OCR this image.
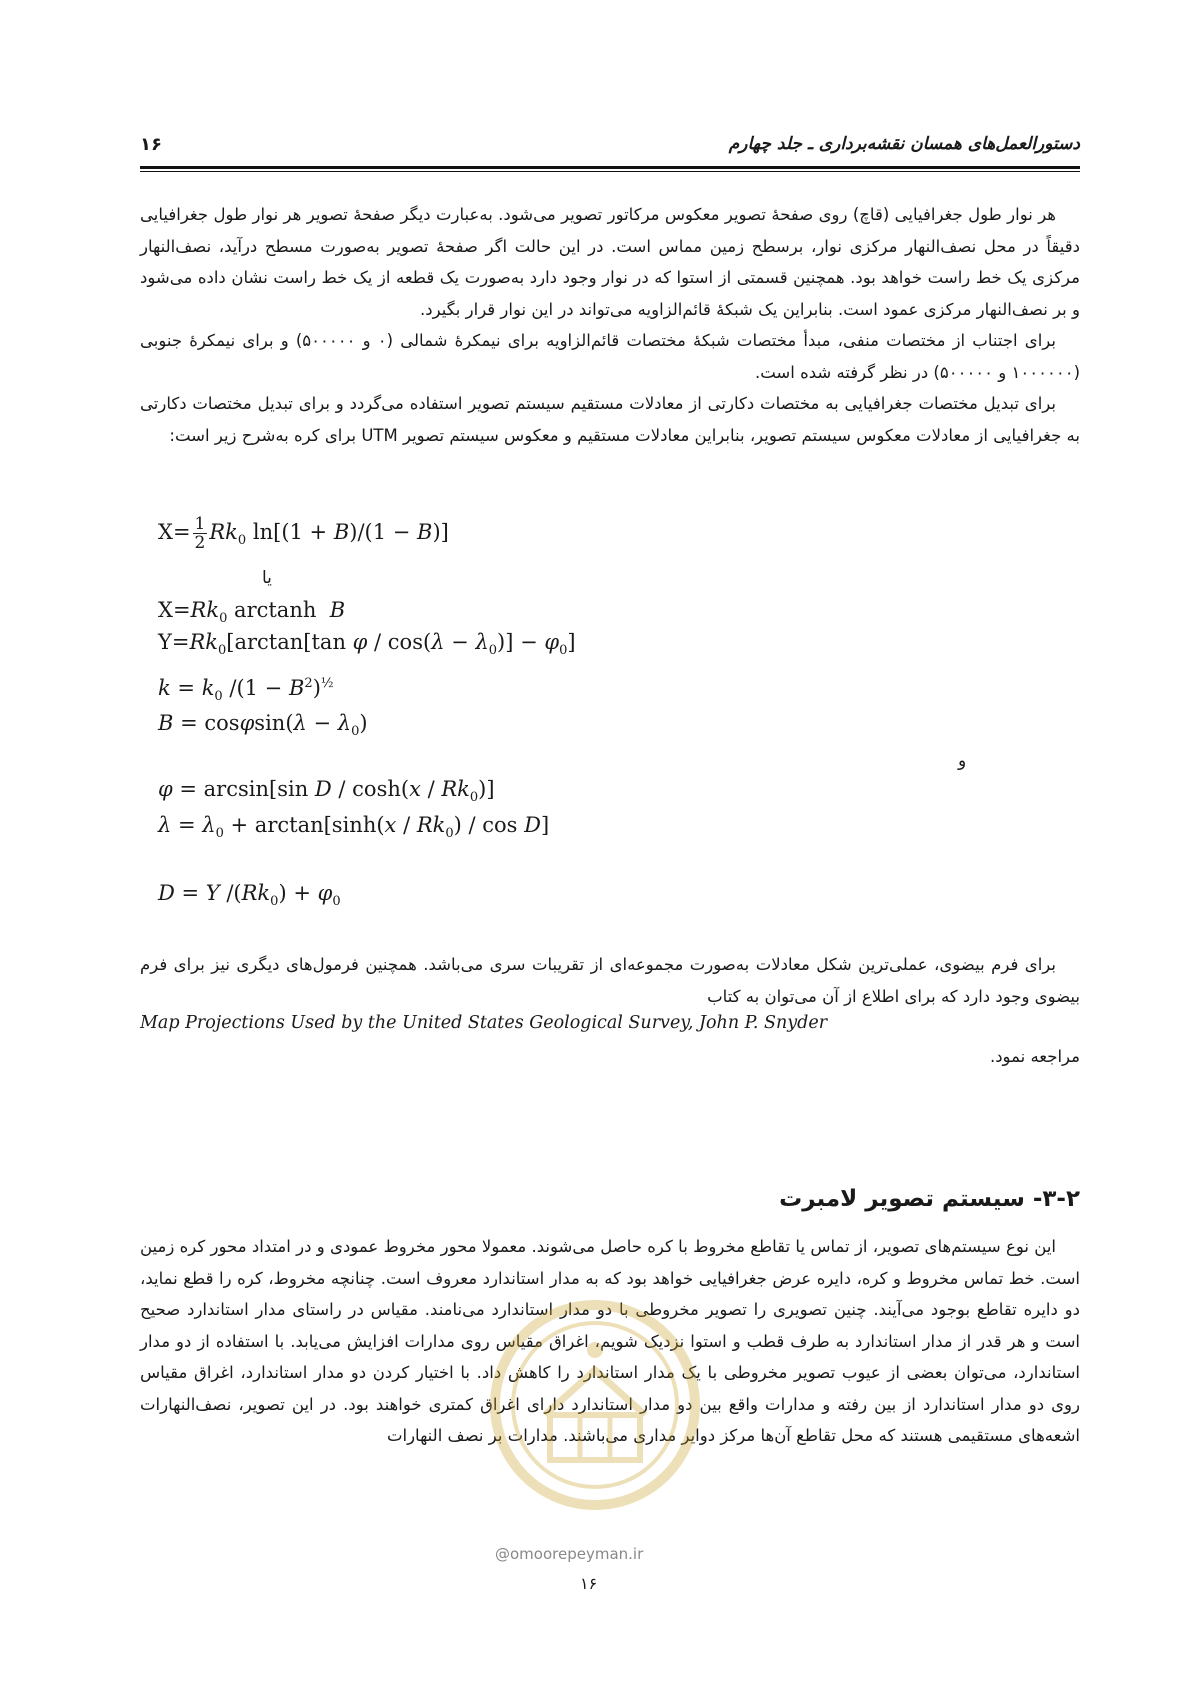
دستورالعمل‌های همسان نقشه‌برداری ـ جلد چهارم
۱۶

هر نوار طول جغرافیایی (قاچ) روی صفحهٔ تصویر معکوس مرکاتور تصویر می‌شود. به‌عبارت دیگر صفحهٔ تصویر هر نوار طول جغرافیایی دقیقاً در محل نصف‌النهار مرکزی نوار، برسطح زمین مماس است. در این حالت اگر صفحهٔ تصویر به‌صورت مسطح درآید، نصف‌النهار مرکزی یک خط راست خواهد بود. همچنین قسمتی از استوا که در نوار وجود دارد به‌صورت یک قطعه از یک خط راست نشان داده می‌شود و بر نصف‌النهار مرکزی عمود است. بنابراین یک شبکهٔ قائم‌الزاویه می‌تواند در این نوار قرار بگیرد.

برای اجتناب از مختصات منفی، مبدأ مختصات شبکهٔ مختصات قائم‌الزاویه برای نیمکرهٔ شمالی (۰ و ۵۰۰۰۰۰) و برای نیمکرهٔ جنوبی (۱۰۰۰۰۰۰ و ۵۰۰۰۰۰) در نظر گرفته شده است.

برای تبدیل مختصات جغرافیایی به مختصات دکارتی از معادلات مستقیم سیستم تصویر استفاده می‌گردد و برای تبدیل مختصات دکارتی به جغرافیایی از معادلات معکوس سیستم تصویر، بنابراین معادلات مستقیم و معکوس سیستم تصویر UTM برای کره به‌شرح زیر است:

$X= \frac{1}{2} Rk_0$ ln[(1 + B)/(1 − B)]
یا
$X=Rk_0$ arctanh  B
$Y=Rk_0[\arctan[\tan$ $\varphi / \cos(\lambda - \lambda_0)] - \varphi_0$]
$k = k_0$ $/(1 - B^2)^{\frac{1}{2}}$
$B = \cos\varphi\sin(\lambda - \lambda_0)$
و
φ = arcsin[sin D / $\cosh(x / Rk_0)$]
$\lambda = \lambda_0 + \arctan[\sinh(x / Rk_0) / \cos D]$
D = Y $/(Rk_0) + \varphi_0$

برای فرم بیضوی، عملی‌ترین شکل معادلات به‌صورت مجموعه‌ای از تقریبات سری می‌باشد. همچنین فرمول‌های دیگری نیز برای فرم بیضوی وجود دارد که برای اطلاع از آن می‌توان به کتاب

Map Projections Used by the United States Geological Survey, John P. Snyder

مراجعه نمود.

۳-۲- سیستم تصویر لامبرت

این نوع سیستم‌های تصویر، از تماس یا تقاطع مخروط با کره حاصل می‌شوند. معمولا محور مخروط عمودی و در امتداد محور کره زمین است. خط تماس مخروط و کره، دایره عرض جغرافیایی خواهد بود که به مدار استاندارد معروف است. چنانچه مخروط، کره را قطع نماید، دو دایره تقاطع بوجود می‌آیند. چنین تصویری را تصویر مخروطی با دو مدار استاندارد می‌نامند. مقیاس در راستای مدار استاندارد صحیح است و هر قدر از مدار استاندارد به طرف قطب و استوا نزدیک شویم، اغراق مقیاس روی مدارات افزایش می‌یابد. با استفاده از دو مدار استاندارد، می‌توان بعضی از عیوب تصویر مخروطی با یک مدار استاندارد را کاهش داد. با اختیار کردن دو مدار استاندارد، اغراق مقیاس روی دو مدار استاندارد از بین رفته و مدارات واقع بین دو مدار استاندارد دارای اغراق کمتری خواهند بود. در این تصویر، نصف‌النهارات اشعه‌های مستقیمی هستند که محل تقاطع آن‌ها مرکز دوایر مداری می‌باشند. مدارات بر نصف النهارات

@omoorepeyman.ir
۱۶
